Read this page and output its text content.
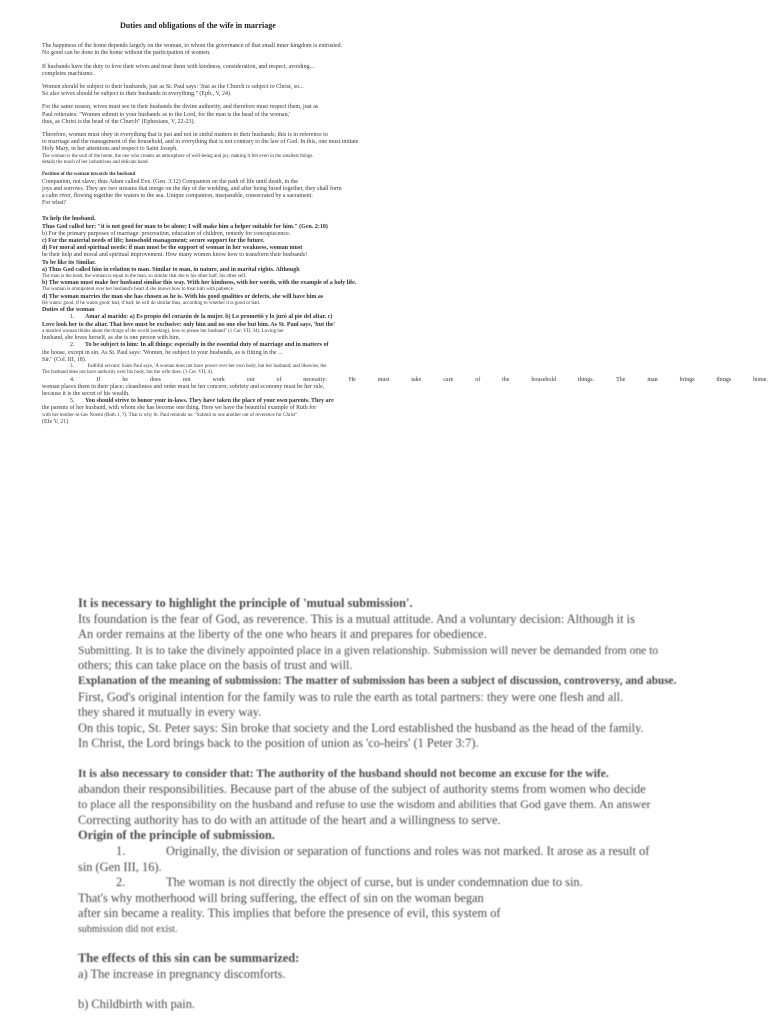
Duties and obligations of the wife in marriage
The happiness of the home depends largely on the woman, to whom the governance of that small inner kingdom is entrusted.
No good can be done in the home without the participation of women.
If husbands have the duty to love their wives and treat them with kindness, consideration, and respect, avoiding...
completes machismo.
Women should be subject to their husbands, just as St. Paul says: 'Just as the Church is subject to Christ, so...
So also wives should be subject to their husbands in everything." (Eph., V, 24).
For the same reason, wives must see in their husbands the divine authority, and therefore must respect them, just as
Paul reiterates: "Women submit to your husbands as to the Lord, for the man is the head of the woman,'
thus, as Christ is the head of the Church" (Ephesians, V, 22-23).
Therefore, women must obey in everything that is just and not in sinful matters to their husbands; this is in reference to
to marriage and the management of the household, and in everything that is not contrary to the law of God. In this, one must imitate
Holy Mary, in her attentions and respect to Saint Joseph.
The woman is the soul of the home, the one who creates an atmosphere of well-being and joy, making it felt even in the smallest things.
details the touch of her industrious and delicate hand.
Position of the woman towards the husband
Companion, not slave; thus Adam called Eve. (Gen. 3:12) Companion on the path of life until death, in the
joys and sorrows. They are two streams that merge on the day of the wedding, and after being fused together, they shall form
a calm river, flowing together the waters to the sea. Unique companion, inseparable, consecrated by a sacrament.
For what?
To help the husband.
Thus God called her: "it is not good for man to be alone; I will make him a helper suitable for him." (Gen. 2:18)
b) For the primary purposes of marriage: procreation, education of children, remedy for concupiscence.
c) For the material needs of life; household management; secure support for the future.
d) For moral and spiritual needs: if man must be the support of woman in her weakness, woman must
be their help and moral and spiritual improvement. How many women know how to transform their husbands!
To be like its Similar.
a) Thus God called him in relation to man. Similar to man, in nature, and in marital rights. Although
The man is the head, the woman is equal to the man, so similar that she is his other half, his other self.
b) The woman must make her husband similar this way. With her kindness, with her words, with the example of a holy life.
The woman is omnipotent over her husband's heart if she knows how to treat him with patience.
d) The woman marries the man she has chosen as he is. With his good qualities or defects, she will have him as
He wants: good, if he wants good; bad, if bad; he will do similar thus, according to whether it is good or bad.
Duties of the woman
1. Amar al marido: a) Es propio del corazón de la mujer. b) Lo prometió y lo juró al pie del altar. c)
Love look her to the altar. That love must be exclusive: only him and no one else but him. As St. Paul says, 'but the'
a married woman thinks about the things of the world (seeking), how to please her husband" (1 Cor. VII, 34). Loving her
husband, she loves herself, as she is one person with him.
2. To be subject to him: In all things: especially in the essential duty of marriage and in matters of
the house, except in sin. As St. Paul says: 'Women, be subject to your husbands, as is fitting in the ...
Sir." (Col. III, 18).
3.	Faithful servant: Saint Paul says, 'A woman does not have power over her own body, but her husband; and likewise, the
The husband does not have authority over his body, but the wife does. (1 Cor. VII, 4).
4.	If	he	does	not	work	out	of	necessity:	He	must	take	care	of	the	household	things.	The	man	brings	things	home.
woman places them in their place; cleanliness and order must be her concern; sobriety and economy must be her rule,
because it is the secret of his wealth.
5. You should strive to honor your in-laws. They have taken the place of your own parents. They are
the parents of her husband, with whom she has become one thing. Here we have the beautiful example of Ruth for
with her mother-in-law Noemi (Ruth 1, 7). That is why St. Paul reminds us: "Submit to one another out of reverence for Christ"
(Efe V, 21)
It is necessary to highlight the principle of 'mutual submission'.
Its foundation is the fear of God, as reverence. This is a mutual attitude. And a voluntary decision: Although it is
An order remains at the liberty of the one who hears it and prepares for obedience.
Submitting. It is to take the divinely appointed place in a given relationship. Submission will never be demanded from one to
others; this can take place on the basis of trust and will.
Explanation of the meaning of submission: The matter of submission has been a subject of discussion, controversy, and abuse.
First, God's original intention for the family was to rule the earth as total partners: they were one flesh and all.
they shared it mutually in every way.
On this topic, St. Peter says: Sin broke that society and the Lord established the husband as the head of the family.
In Christ, the Lord brings back to the position of union as 'co-heirs' (1 Peter 3:7).
It is also necessary to consider that: The authority of the husband should not become an excuse for the wife.
abandon their responsibilities. Because part of the abuse of the subject of authority stems from women who decide
to place all the responsibility on the husband and refuse to use the wisdom and abilities that God gave them. An answer
Correcting authority has to do with an attitude of the heart and a willingness to serve.
Origin of the principle of submission.
1.	Originally, the division or separation of functions and roles was not marked. It arose as a result of
sin (Gen III, 16).
2.	The woman is not directly the object of curse, but is under condemnation due to sin.
That's why motherhood will bring suffering, the effect of sin on the woman began
after sin became a reality. This implies that before the presence of evil, this system of
submission did not exist.
The effects of this sin can be summarized:
a) The increase in pregnancy discomforts.
b) Childbirth with pain.
